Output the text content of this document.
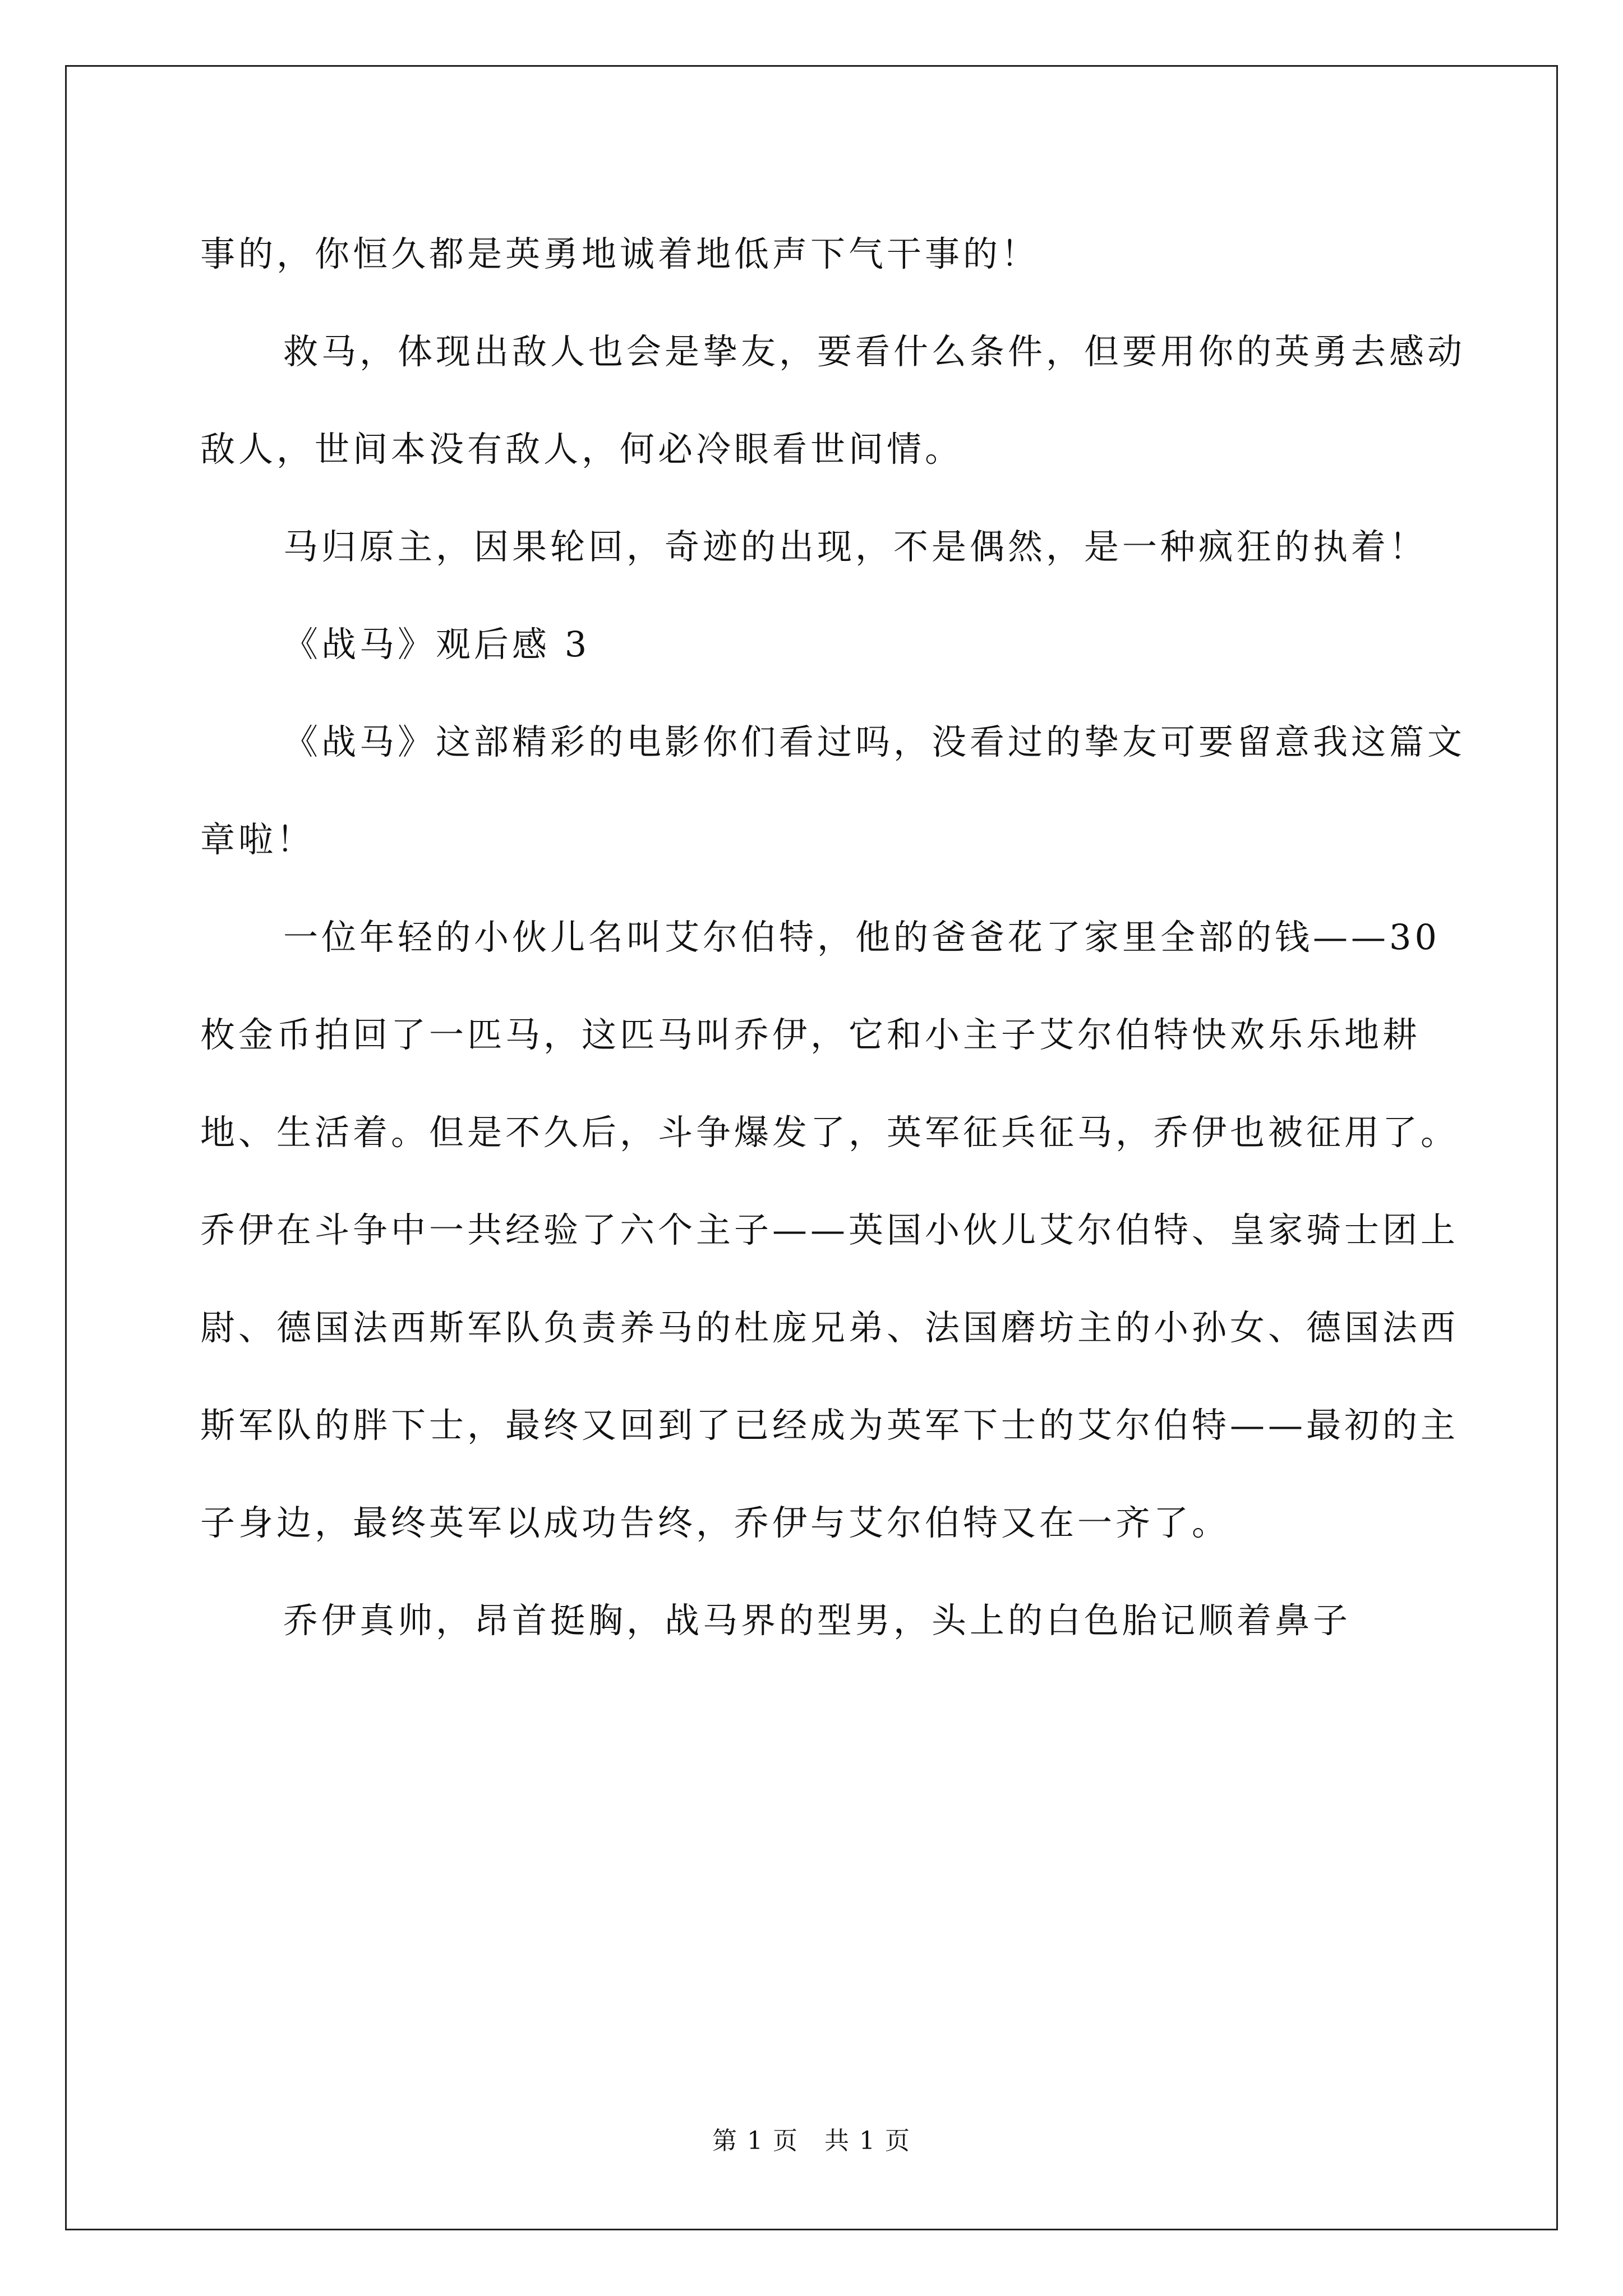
事的，你恒久都是英勇地诚着地低声下气干事的！

救马，体现出敌人也会是挚友，要看什么条件，但要用你的英勇去感动敌人，世间本没有敌人，何必冷眼看世间情。

马归原主，因果轮回，奇迹的出现，不是偶然，是一种疯狂的执着！

《战马》观后感 3

《战马》这部精彩的电影你们看过吗，没看过的挚友可要留意我这篇文章啦！

一位年轻的小伙儿名叫艾尔伯特，他的爸爸花了家里全部的钱——30 枚金币拍回了一匹马，这匹马叫乔伊，它和小主子艾尔伯特快欢乐乐地耕地、生活着。但是不久后，斗争爆发了，英军征兵征马，乔伊也被征用了。乔伊在斗争中一共经验了六个主子——英国小伙儿艾尔伯特、皇家骑士团上尉、德国法西斯军队负责养马的杜庞兄弟、法国磨坊主的小孙女、德国法西斯军队的胖下士，最终又回到了已经成为英军下士的艾尔伯特——最初的主子身边，最终英军以成功告终，乔伊与艾尔伯特又在一齐了。

乔伊真帅，昂首挺胸，战马界的型男，头上的白色胎记顺着鼻子

第 1 页　共 1 页
